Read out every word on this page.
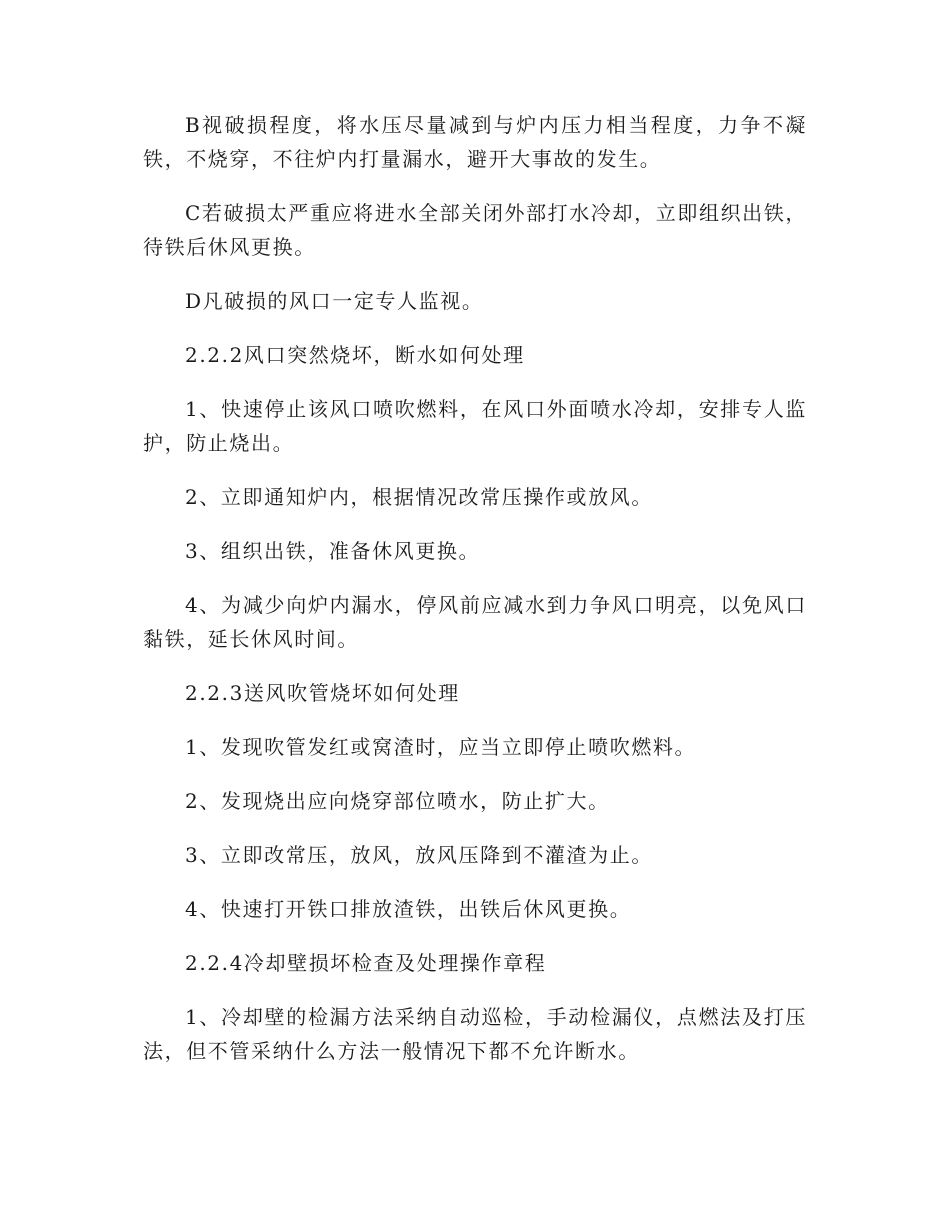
B视破损程度，将水压尽量减到与炉内压力相当程度，力争不凝铁，不烧穿，不往炉内打量漏水，避开大事故的发生。

C若破损太严重应将进水全部关闭外部打水冷却，立即组织出铁，待铁后休风更换。

D凡破损的风口一定专人监视。

2.2.2风口突然烧坏，断水如何处理

1、快速停止该风口喷吹燃料，在风口外面喷水冷却，安排专人监护，防止烧出。

2、立即通知炉内，根据情况改常压操作或放风。

3、组织出铁，准备休风更换。

4、为减少向炉内漏水，停风前应减水到力争风口明亮，以免风口黏铁，延长休风时间。

2.2.3送风吹管烧坏如何处理

1、发现吹管发红或窝渣时，应当立即停止喷吹燃料。

2、发现烧出应向烧穿部位喷水，防止扩大。

3、立即改常压，放风，放风压降到不灌渣为止。

4、快速打开铁口排放渣铁，出铁后休风更换。

2.2.4冷却壁损坏检查及处理操作章程

1、冷却壁的检漏方法采纳自动巡检，手动检漏仪，点燃法及打压法，但不管采纳什么方法一般情况下都不允许断水。
